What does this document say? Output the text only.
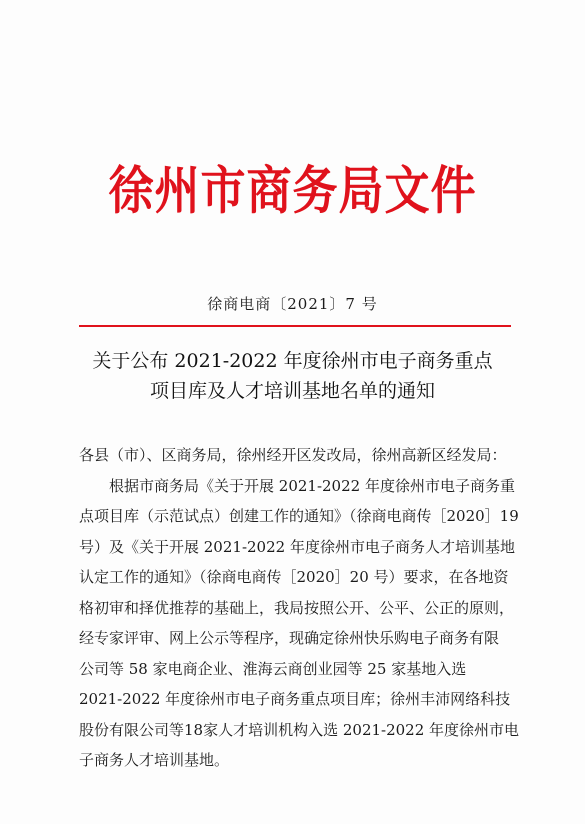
徐州市商务局文件
徐商电商〔2021〕7 号
关于公布 2021-2022 年度徐州市电子商务重点
项目库及人才培训基地名单的通知
各县（市）、区商务局，徐州经开区发改局，徐州高新区经发局：
根据市商务局《关于开展 2021-2022 年度徐州市电子商务重
点项目库（示范试点）创建工作的通知》（徐商电商传［2020］19
号）及《关于开展 2021-2022 年度徐州市电子商务人才培训基地
认定工作的通知》（徐商电商传［2020］20 号）要求，在各地资
格初审和择优推荐的基础上，我局按照公开、公平、公正的原则，
经专家评审、网上公示等程序，现确定徐州快乐购电子商务有限
公司等 58 家电商企业、淮海云商创业园等 25 家基地入选
2021-2022 年度徐州市电子商务重点项目库；徐州丰沛网络科技
股份有限公司等18家人才培训机构入选 2021-2022 年度徐州市电
子商务人才培训基地。
